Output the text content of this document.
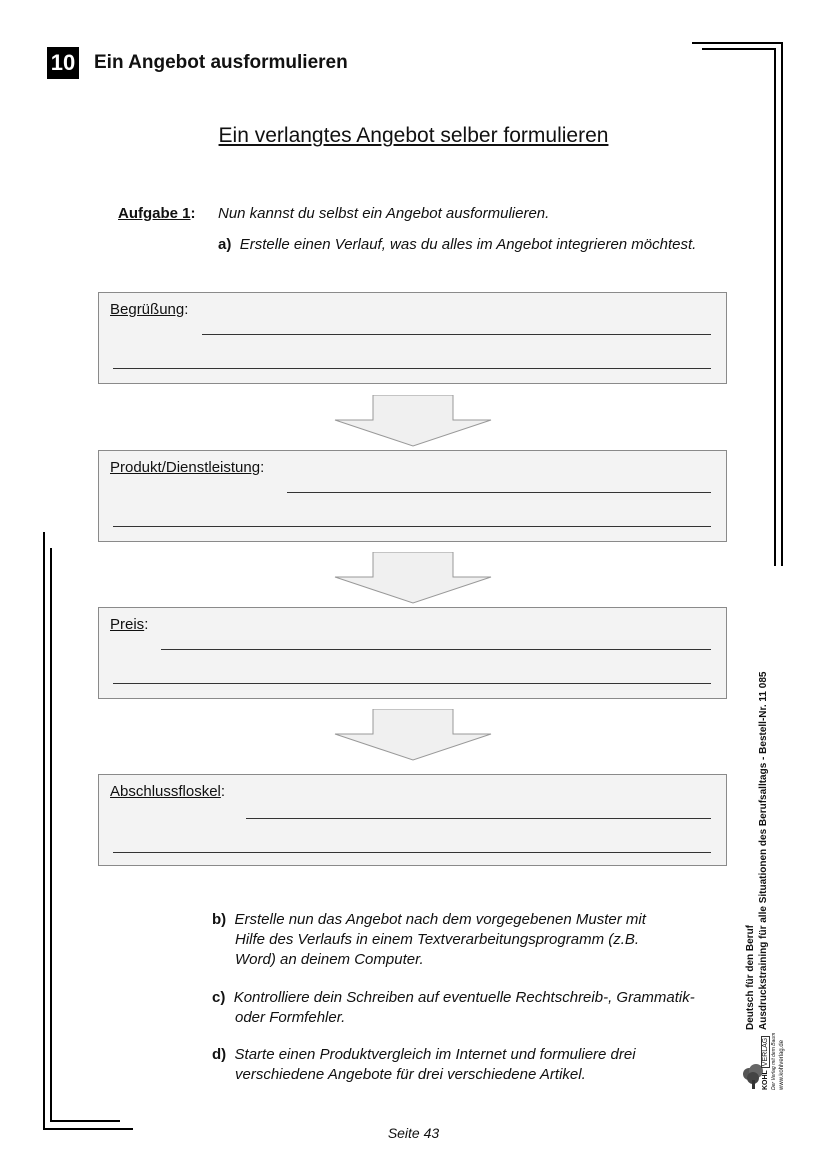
10 Ein Angebot ausformulieren
Ein verlangtes Angebot selber formulieren
Aufgabe 1: Nun kannst du selbst ein Angebot ausformulieren.
a) Erstelle einen Verlauf, was du alles im Angebot integrieren möchtest.
Begrüßung:
Produkt/Dienstleistung:
Preis:
Abschlussfloskel:
b) Erstelle nun das Angebot nach dem vorgegebenen Muster mit
Hilfe des Verlaufs in einem Textverarbeitungsprogramm (z.B.
Word) an deinem Computer.
c) Kontrolliere dein Schreiben auf eventuelle Rechtschreib-, Grammatik-
oder Formfehler.
d) Starte einen Produktvergleich im Internet und formuliere drei
verschiedene Angebote für drei verschiedene Artikel.
Seite 43
Deutsch für den Beruf Ausdruckstraining für alle Situationen des Berufsalltags - Bestell-Nr. 11 085
KOHL VERLAG Der Verlag mit dem Baum www.kohlverlag.de
